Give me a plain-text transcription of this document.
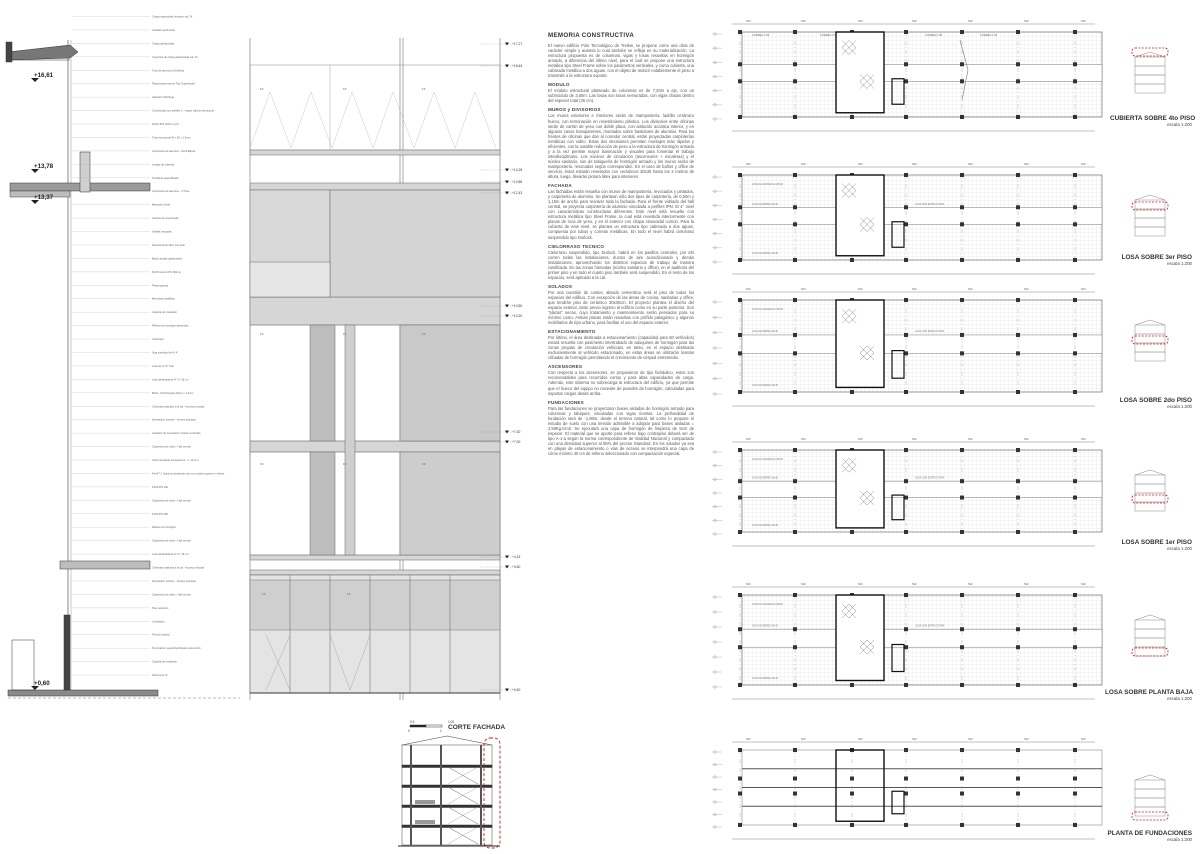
Chapa trapezoidal cincalum cal. 24
Canaleta perimetral
Chapa galvanizada
Cupertina de chapa galvanizada cal. 24
Tubo de aluminio (Geofibra)
Placas para exterior Tipo Superboard
Aislación hidrófuga
Conformado con perfiles C - según cálculo estructural
Perfil UPN 160mm (x2)
Tubo estructural 60 x 60 x 1,6mm
Carpintería de aluminio - Perfil Ellipse
Anclaje de cubierta
Tornillería especificada
Carpintería de aluminio - 4° Piso
Baranda Cristal
Caucho de impermeab.
Varillas roscadas
Revestimiento fibro cemento
Bulón anclaje galvanizado
Perfil Canal UPN 160mm
Piedra granza
Membrana asfáltica
Carpeta de nivelación
Relleno de hormigón alivianado
Cielorraso
Viga invertida de H° A°
Losa de H° A° Tipo
Losa alivianada de H° A° 15 cm
Buña - Perfil ángulo 20mm x 1,2mm
Cielorraso aplicado a la cal - Acceso principal
Iluminación exterior - Acceso principal
Artefacto de iluminación exterior embutido
Carpintería de vidrio - Hall central
Vidrio templado transparente - e: 10 mm
Perfil "U" aluminio anodizado nat. con zócalo superior e inferior
Perfil IPN 160
Carpintería de vidrio - Hall central
Perfil IPN 160
Relleno de hormigón
Carpintería de vidrio - Hall central
Losa alivianada de H° A° 15 cm
Cielorraso aplicado a la cal - Acceso principal
Iluminación exterior - Acceso principal
Carpintería de vidrio - Hall central
Piso cerámico
Contrapiso
Terreno natural
Terminación superficial Alisado cementicio
Carpeta de nivelación
Pavimento Hº
+16,61
+13,78
+13,37
+0,60
FF	FF	FF
FF	FF	FF
FF	FF	FF
FF	FF
+17,27
+16,63
+14,25
+13,88
+12,43
+10,50
+10,20
+7,30
+7,00
+4,15
+3,60
+0,60
0.5	1.00
0	1
540	540	540	540	540	540	540
CORREA C 80	CORREA C 80	CORREA C 80	CORREA C 80
540	540	540	540	540	540	540
LOSA ALIVIANADA E=20CM
VIGA DE BORDE 20x45	LOSA CON ESTRUCTURA
VIGA DE BORDE 20x45
540	540	540	540	540	540	540
LOSA ALIVIANADA E=20CM
VIGA DE BORDE 20x45	LOSA CON ESTRUCTURA
VIGA DE BORDE 20x45
540	540	540	540	540	540	540
LOSA ALIVIANADA E=20CM
VIGA DE BORDE 20x45	LOSA CON ESTRUCTURA
VIGA DE BORDE 20x45
540	540	540	540	540	540	540
LOSA ALIVIANADA E=20CM
VIGA DE BORDE 20x45	LOSA CON ESTRUCTURA
VIGA DE BORDE 20x45
540	540	540	540	540	540	540
CORTE FACHADA
MEMORIA CONSTRUCTIVA
El nuevo edificio Polo Tecnológico de Trelew, se propone como una obra de carácter simple y austera lo cual también se refleja en su materialización. La estructura propuesta es de columnas, vigas y losas resueltas en hormigón armado, a diferencia del último nivel, para el cual se propone una estructura metálica tipo Steel Frame sobre los parámetros verticales, y como cubierta, una cabreada metálica a dos aguas, con el objeto de reducir notablemente el peso a transmitir a la estructura soporte.
MODULO
El módulo estructural planteado de columnas es de 7,20m a eje, con un submódulo de 3,60m. Las losas son losas nervuradas, con vigas chatas dentro del espesor total (35 cm).
MUROS y DIVISORIOS
Los muros exteriores e interiores serán de mampostería, ladrillo cerámico hueco, con terminación en revestimiento plástico. Los divisorios entre oficinas serán de cartón de yeso con doble placa, con aislación acústica interior, y en algunos casos transparentes, montados sobre bastidores de aluminio. Para los frentes de oficinas que dan al corredor central, están proyectadas carpinterías metálicas con vidrio. Estas dos decisiones permiten montajes más rápidos y eficientes, con la notable reducción de peso a la estructura de hormigón armado y a la vez permite mayor iluminación y visuales para fomentar el trabajo interdisciplinario. Los núcleos de circulación (ascensores + escaleras) y el núcleo sanitario, son de tabiquería de hormigón armado y los muros serán de mampostería, revocados según corresponden. En el caso de baños y office de servicio, éstos estarán revestidos con cerámicos 30x30 hasta los 2 metros de altura, luego, llevarán pintura látex para interiores.
FACHADA
Las fachadas están resuelta con muros de mampostería, revocados y pintados, y carpintería de aluminio. Se plantean sólo dos tipos de carpintería, de 0,50m y 1,15m de ancho para resolver toda la fachada. Para el frente vidriado del hall central, se proyecta carpintería de aluminio vinculada a perfiles IPN. El 4° nivel con características constructivas diferentes. Este nivel está resuelto con estructura metálica tipo Steel Frame, la cual está revestida interiormente con placas de roca de yeso, y en el exterior con chapa sinusoidal común. Para la cubierta de este nivel, se plantea un estructura tipo cabreada a dos aguas, compuesta por tubos y correas metálicas. En todo el nivel habrá cielorraso suspendido tipo Durlock.
CIELORRASO TECNICO
Cielorraso suspendido, tipo Durlock, habrá en los pasillos centrales, por ahí corren todas las instalaciones, ductos de aire acondicionado y demás instalaciones, aprovechando los distintos espacios de trabajo de manera ramificada. En las zonas húmedas (núcleo sanitario y office), en el auditorio del primer piso y en todo el cuarto piso también será suspendido. En el resto de los espacios, será aplicado a la cal.
SOLADOS
Por una cuestión de costos, alisado cementicio será el piso de todos los espacios del edificio. Con excepción de las áreas de cocina, sanitarias y office, que tendrán piso de cerámico 30x30cm. El proyecto plantea el diseño del espacio exterior, tanto previo ingreso al edificio como en su parte posterior. Son "plazas" secas, cuyo tratamiento y mantenimiento serán pensados para su mínimo costo. Ambas plazas están resueltas con pórfido patagónico y algunos mobiliarios de tipo urbano, para facilitar el uso del espacio exterior.
ESTACIONAMIENTO
Por último, el área destinada a estacionamiento (capacidad para 50 vehículos) estará resuelta con pavimento intertrabado de adoquines de hormigón para las zonas propias de circulación vehicular, en tanto, en el espacio destinado exclusivamente al vehículo estacionado, en estas áreas se utilizarán losetas cribadas de hormigón permitiendo el crecimiento de césped entremedio.
ASCENSORES
Con respecto a los ascensores, se propusieron de tipo hidráulico, estos son recomendables para recorridos cortos y para altas capacidades de carga. Además, este sistema no sobrecarga la estructura del edificio, ya que permite que el hueco del equipo no necesite de paredes de hormigón, calculadas para soportar cargas desde arriba.
FUNDACIONES
Para las fundaciones se proyectaron bases aisladas de hormigón armado para columnas y tabiques, vinculadas con vigas riostras. La profundidad de fundación será de -1,80m, desde el terreno natural, tal como lo propone el estudio de suelo con una tensión admisible a adoptar para bases aisladas = 2,50Kg./cm2. Se ejecutará una capa de hormigón de limpieza de 5cm de espesor. El material que se aporte para relleno bajo contrapiso deberá ser de tipo A-1-a según la norma correspondiente de Vialidad Nacional y compactado con una densidad superior al 95% del proctor Standard. En los solados ya sea en playas de estacionamiento o vías de acceso se interpondrá una capa de cómo mínimo 40 cm de relleno seleccionado con compactación especial.
CUBIERTA SOBRE 4to PISO
escala 1:200
LOSA SOBRE 3er PISO
escala 1:200
LOSA SOBRE 2do PISO
escala 1:200
LOSA SOBRE 1er PISO
escala 1:200
LOSA SOBRE PLANTA BAJA
escala 1:200
PLANTA DE FUNDACIONES
escala 1:200
